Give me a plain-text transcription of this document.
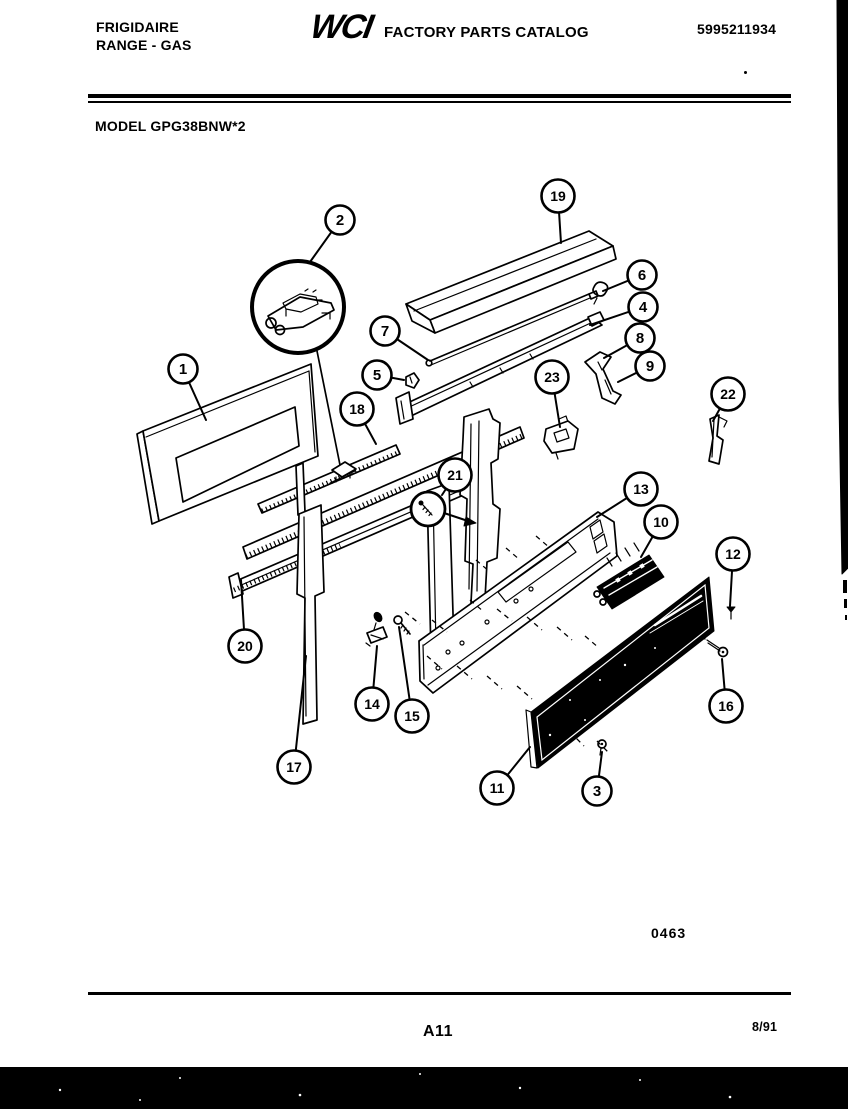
FRIGIDAIRE
RANGE - GAS	WCI FACTORY PARTS CATALOG	5995211934
MODEL GPG38BNW*2
1
2
3
4
5
6
7	8
9
10
11
12
13
14
15
16
17
18
19
20
21
22
23
0463
A11	8/91
